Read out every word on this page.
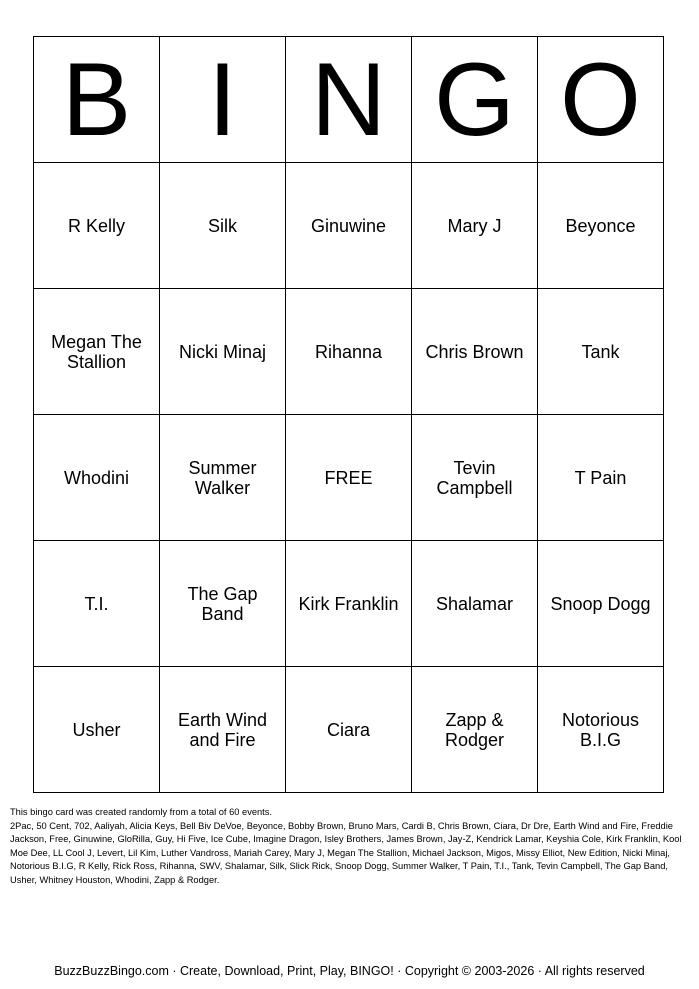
B	I	N	G	O
R Kelly	Silk	Ginuwine	Mary J	Beyonce
Megan The Stallion	Nicki Minaj	Rihanna	Chris Brown	Tank
Whodini	Summer Walker	FREE	Tevin Campbell	T Pain
T.I.	The Gap Band	Kirk Franklin	Shalamar	Snoop Dogg
Usher	Earth Wind and Fire	Ciara	Zapp & Rodger	Notorious B.I.G

This bingo card was created randomly from a total of 60 events.

2Pac, 50 Cent, 702, Aaliyah, Alicia Keys, Bell Biv DeVoe, Beyonce, Bobby Brown, Bruno Mars, Cardi B, Chris Brown, Ciara, Dr Dre, Earth Wind and Fire, Freddie Jackson, Free, Ginuwine, GloRilla, Guy, Hi Five, Ice Cube, Imagine Dragon, Isley Brothers, James Brown, Jay-Z, Kendrick Lamar, Keyshia Cole, Kirk Franklin, Kool Moe Dee, LL Cool J, Levert, Lil Kim, Luther Vandross, Mariah Carey, Mary J, Megan The Stallion, Michael Jackson, Migos, Missy Elliot, New Edition, Nicki Minaj, Notorious B.I.G, R Kelly, Rick Ross, Rihanna, SWV, Shalamar, Silk, Slick Rick, Snoop Dogg, Summer Walker, T Pain, T.I., Tank, Tevin Campbell, The Gap Band, Usher, Whitney Houston, Whodini, Zapp & Rodger.

BuzzBuzzBingo.com · Create, Download, Print, Play, BINGO! · Copyright © 2003-2026 · All rights reserved
